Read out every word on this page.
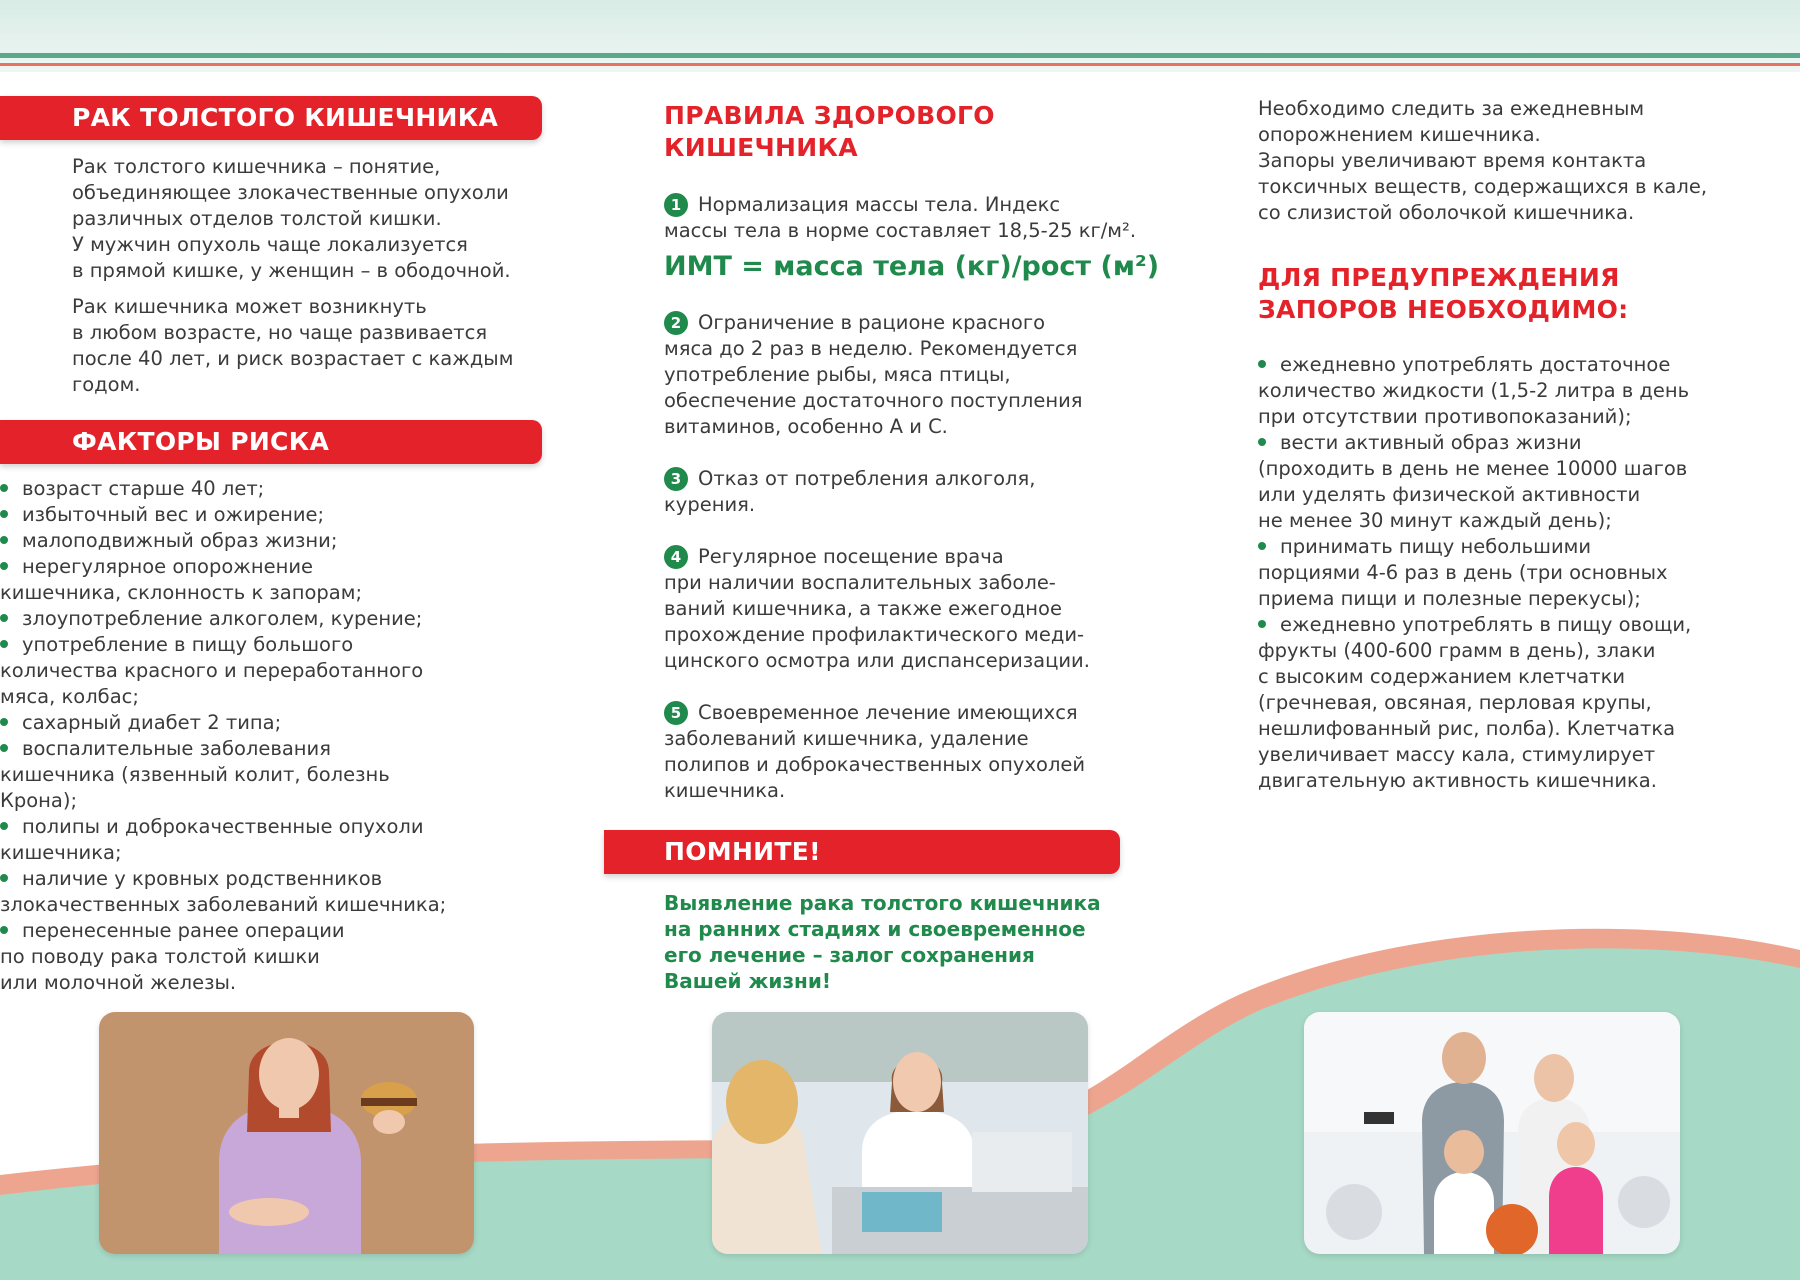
РАК ТОЛСТОГО КИШЕЧНИКА

Рак толстого кишечника – понятие,

объединяющее злокачественные опухоли

различных отделов толстой кишки.

У мужчин опухоль чаще локализуется

в прямой кишке, у женщин – в ободочной.

Рак кишечника может возникнуть

в любом возрасте, но чаще развивается

после 40 лет, и риск возрастает с каждым

годом.

ФАКТОРЫ РИСКА
возраст старше 40 лет;
избыточный вес и ожирение;
малоподвижный образ жизни;
нерегулярное опорожнение
кишечника, склонность к запорам;
злоупотребление алкоголем, курение;
употребление в пищу большого
количества красного и переработанного
мяса, колбас;
сахарный диабет 2 типа;
воспалительные заболевания
кишечника (язвенный колит, болезнь
Крона);
полипы и доброкачественные опухоли
кишечника;
наличие у кровных родственников
злокачественных заболеваний кишечника;
перенесенные ранее операции
по поводу рака толстой кишки
или молочной железы.
ПРАВИЛА ЗДОРОВОГО
КИШЕЧНИКА
1 Нормализация массы тела. Индекс
массы тела в норме составляет 18,5-25 кг/м².
ИМТ = масса тела (кг)/рост (м²)
2 Ограничение в рационе красного
мяса до 2 раз в неделю. Рекомендуется
употребление рыбы, мяса птицы,
обеспечение достаточного поступления
витаминов, особенно А и С.
3 Отказ от потребления алкоголя,
курения.
4 Регулярное посещение врача
при наличии воспалительных заболе-
ваний кишечника, а также ежегодное
прохождение профилактического меди-
цинского осмотра или диспансеризации.
5 Своевременное лечение имеющихся
заболеваний кишечника, удаление
полипов и доброкачественных опухолей
кишечника.
ПОМНИТЕ!
Выявление рака толстого кишечника
на ранних стадиях и своевременное
его лечение – залог сохранения
Вашей жизни!

Необходимо следить за ежедневным

опорожнением кишечника.

Запоры увеличивают время контакта

токсичных веществ, содержащихся в кале,

со слизистой оболочкой кишечника.

ДЛЯ ПРЕДУПРЕЖДЕНИЯ
ЗАПОРОВ НЕОБХОДИМО:
ежедневно употреблять достаточное
количество жидкости (1,5-2 литра в день
при отсутствии противопоказаний);
вести активный образ жизни
(проходить в день не менее 10000 шагов
или уделять физической активности
не менее 30 минут каждый день);
принимать пищу небольшими
порциями 4-6 раз в день (три основных
приема пищи и полезные перекусы);
ежедневно употреблять в пищу овощи,
фрукты (400-600 грамм в день), злаки
с высоким содержанием клетчатки
(гречневая, овсяная, перловая крупы,
нешлифованный рис, полба). Клетчатка
увеличивает массу кала, стимулирует
двигательную активность кишечника.
